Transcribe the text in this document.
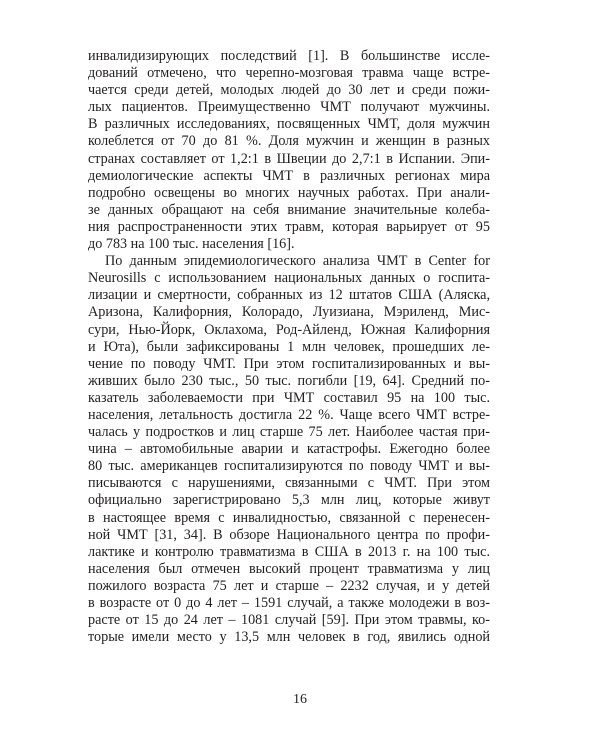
инвалидизирующих последствий [1]. В большинстве иссле-
дований отмечено, что черепно-мозговая травма чаще встре-
чается среди детей, молодых людей до 30 лет и среди пожи-
лых пациентов. Преимущественно ЧМТ получают мужчины.
В различных исследованиях, посвященных ЧМТ, доля мужчин
колеблется от 70 до 81 %. Доля мужчин и женщин в разных
странах составляет от 1,2:1 в Швеции до 2,7:1 в Испании. Эпи-
демиологические аспекты ЧМТ в различных регионах мира
подробно освещены во многих научных работах. При анали-
зе данных обращают на себя внимание значительные колеба-
ния распространенности этих травм, которая варьирует от 95
до 783 на 100 тыс. населения [16].
По данным эпидемиологического анализа ЧМТ в Center for
Neurosills с использованием национальных данных о госпита-
лизации и смертности, собранных из 12 штатов США (Аляска,
Аризона, Калифорния, Колорадо, Луизиана, Мэриленд, Мис-
сури, Нью-Йорк, Оклахома, Род-Айленд, Южная Калифорния
и Юта), были зафиксированы 1 млн человек, прошедших ле-
чение по поводу ЧМТ. При этом госпитализированных и вы-
живших было 230 тыс., 50 тыс. погибли [19, 64]. Средний по-
казатель заболеваемости при ЧМТ составил 95 на 100 тыс.
населения, летальность достигла 22 %. Чаще всего ЧМТ встре-
чалась у подростков и лиц старше 75 лет. Наиболее частая при-
чина – автомобильные аварии и катастрофы. Ежегодно более
80 тыс. американцев госпитализируются по поводу ЧМТ и вы-
писываются с нарушениями, связанными с ЧМТ. При этом
официально зарегистрировано 5,3 млн лиц, которые живут
в настоящее время с инвалидностью, связанной с перенесен-
ной ЧМТ [31, 34]. В обзоре Национального центра по профи-
лактике и контролю травматизма в США в 2013 г. на 100 тыс.
населения был отмечен высокий процент травматизма у лиц
пожилого возраста 75 лет и старше – 2232 случая, и у детей
в возрасте от 0 до 4 лет – 1591 случай, а также молодежи в воз-
расте от 15 до 24 лет – 1081 случай [59]. При этом травмы, ко-
торые имели место у 13,5 млн человек в год, явились одной
16
